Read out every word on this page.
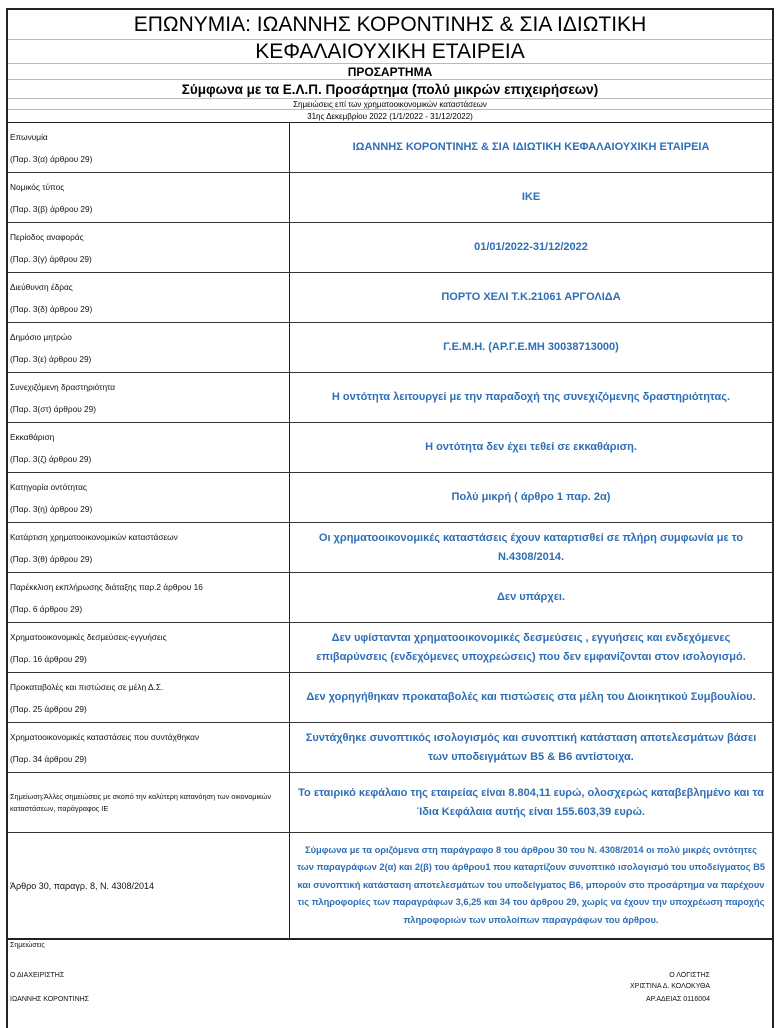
ΕΠΩΝΥΜΙΑ: ΙΩΑΝΝΗΣ ΚΟΡΟΝΤΙΝΗΣ & ΣΙΑ ΙΔΙΩΤΙΚΗ
ΚΕΦΑΛΑΙΟΥΧΙΚΗ ΕΤΑΙΡΕΙΑ
ΠΡΟΣΑΡΤΗΜΑ
Σύμφωνα με τα Ε.Λ.Π. Προσάρτημα (πολύ μικρών επιχειρήσεων)
Σημειώσεις επί των χρηματοοικονομικών καταστάσεων
31ης Δεκεμβρίου 2022 (1/1/2022 - 31/12/2022)
Επωνυμία
(Παρ. 3(α) άρθρου 29)
ΙΩΑΝΝΗΣ ΚΟΡΟΝΤΙΝΗΣ & ΣΙΑ ΙΔΙΩΤΙΚΗ ΚΕΦΑΛΑΙΟΥΧΙΚΗ ΕΤΑΙΡΕΙΑ
Νομικός τύπος
(Παρ. 3(β) άρθρου 29)
ΙΚΕ
Περίοδος αναφοράς
(Παρ. 3(γ) άρθρου 29)
01/01/2022-31/12/2022
Διεύθυνση έδρας
(Παρ. 3(δ) άρθρου 29)
ΠΟΡΤΟ ΧΕΛΙ Τ.Κ.21061 ΑΡΓΟΛΙΔΑ
Δημόσιο μητρώο
(Παρ. 3(ε) άρθρου 29)
Γ.Ε.Μ.Η. (ΑΡ.Γ.Ε.ΜΗ 30038713000)
Συνεχιζόμενη δραστηριότητα
(Παρ. 3(στ) άρθρου 29)
Η οντότητα λειτουργεί με την παραδοχή της συνεχιζόμενης δραστηριότητας.
Εκκαθάριση
(Παρ. 3(ζ) άρθρου 29)
Η οντότητα δεν έχει τεθεί σε εκκαθάριση.
Κατηγορία οντότητας
(Παρ. 3(η) άρθρου 29)
Πολύ μικρή ( άρθρο 1 παρ. 2α)
Κατάρτιση χρηματοοικονομικών καταστάσεων
(Παρ. 3(θ) άρθρου 29)
Οι χρηματοοικονομικές καταστάσεις έχουν καταρτισθεί σε πλήρη συμφωνία με το Ν.4308/2014.
Παρέκκλιση εκπλήρωσης διάταξης παρ.2 άρθρου 16
(Παρ. 6 άρθρου 29)
Δεν υπάρχει.
Χρηματοοικονομικές δεσμεύσεις-εγγυήσεις
(Παρ. 16 άρθρου 29)
Δεν υφίστανται χρηματοοικονομικές δεσμεύσεις , εγγυήσεις και ενδεχόμενες επιβαρύνσεις (ενδεχόμενες υποχρεώσεις) που δεν εμφανίζονται στον ισολογισμό.
Προκαταβολές και πιστώσεις σε μέλη Δ.Σ.
(Παρ. 25 άρθρου 29)
Δεν χορηγήθηκαν προκαταβολές και πιστώσεις στα μέλη του Διοικητικού Συμβουλίου.
Χρηματοοικονομικές καταστάσεις που συντάχθηκαν
(Παρ. 34 άρθρου 29)
Συντάχθηκε συνοπτικός ισολογισμός και συνοπτική κατάσταση αποτελεσμάτων βάσει των υποδειγμάτων Β5 & Β6 αντίστοιχα.
Σημείωση:Άλλες σημειώσεις με σκοπό την καλύτερη κατανόηση των οικονομικών καταστάσεων, παράγραφος ΙΕ
Το εταιρικό κεφάλαιο της εταιρείας είναι 8.804,11 ευρώ, ολοσχερώς καταβεβλημένο και τα Ίδια Κεφάλαια αυτής είναι 155.603,39 ευρώ.
Άρθρο 30, παραγρ. 8, Ν. 4308/2014
Σύμφωνα με τα οριζόμενα στη παράγραφο 8 του άρθρου 30 του Ν. 4308/2014 οι πολύ μικρές οντότητες των παραγράφων 2(α) και 2(β) του άρθρου1 που καταρτίζουν συνοπτικό ισολογισμό του υποδείγματος Β5 και συνοπτική κατάσταση αποτελεσμάτων του υποδείγματος Β6, μπορούν στο προσάρτημα να παρέχουν τις πληροφορίες των παραγράφων 3,6,25 και 34 του άρθρου 29, χωρίς να έχουν την υποχρέωση παροχής πληροφοριών των υπολοίπων παραγράφων του άρθρου.
Σημειώσεις
Ο ΔΙΑΧΕΙΡΙΣΤΗΣ
ΙΩΑΝΝΗΣ ΚΟΡΟΝΤΙΝΗΣ
Ο ΛΟΓΙΣΤΗΣ
ΧΡΙΣΤΙΝΑ Δ. ΚΟΛΟΚΥΘΑ
ΑΡ.ΑΔΕΙΑΣ 0116004
